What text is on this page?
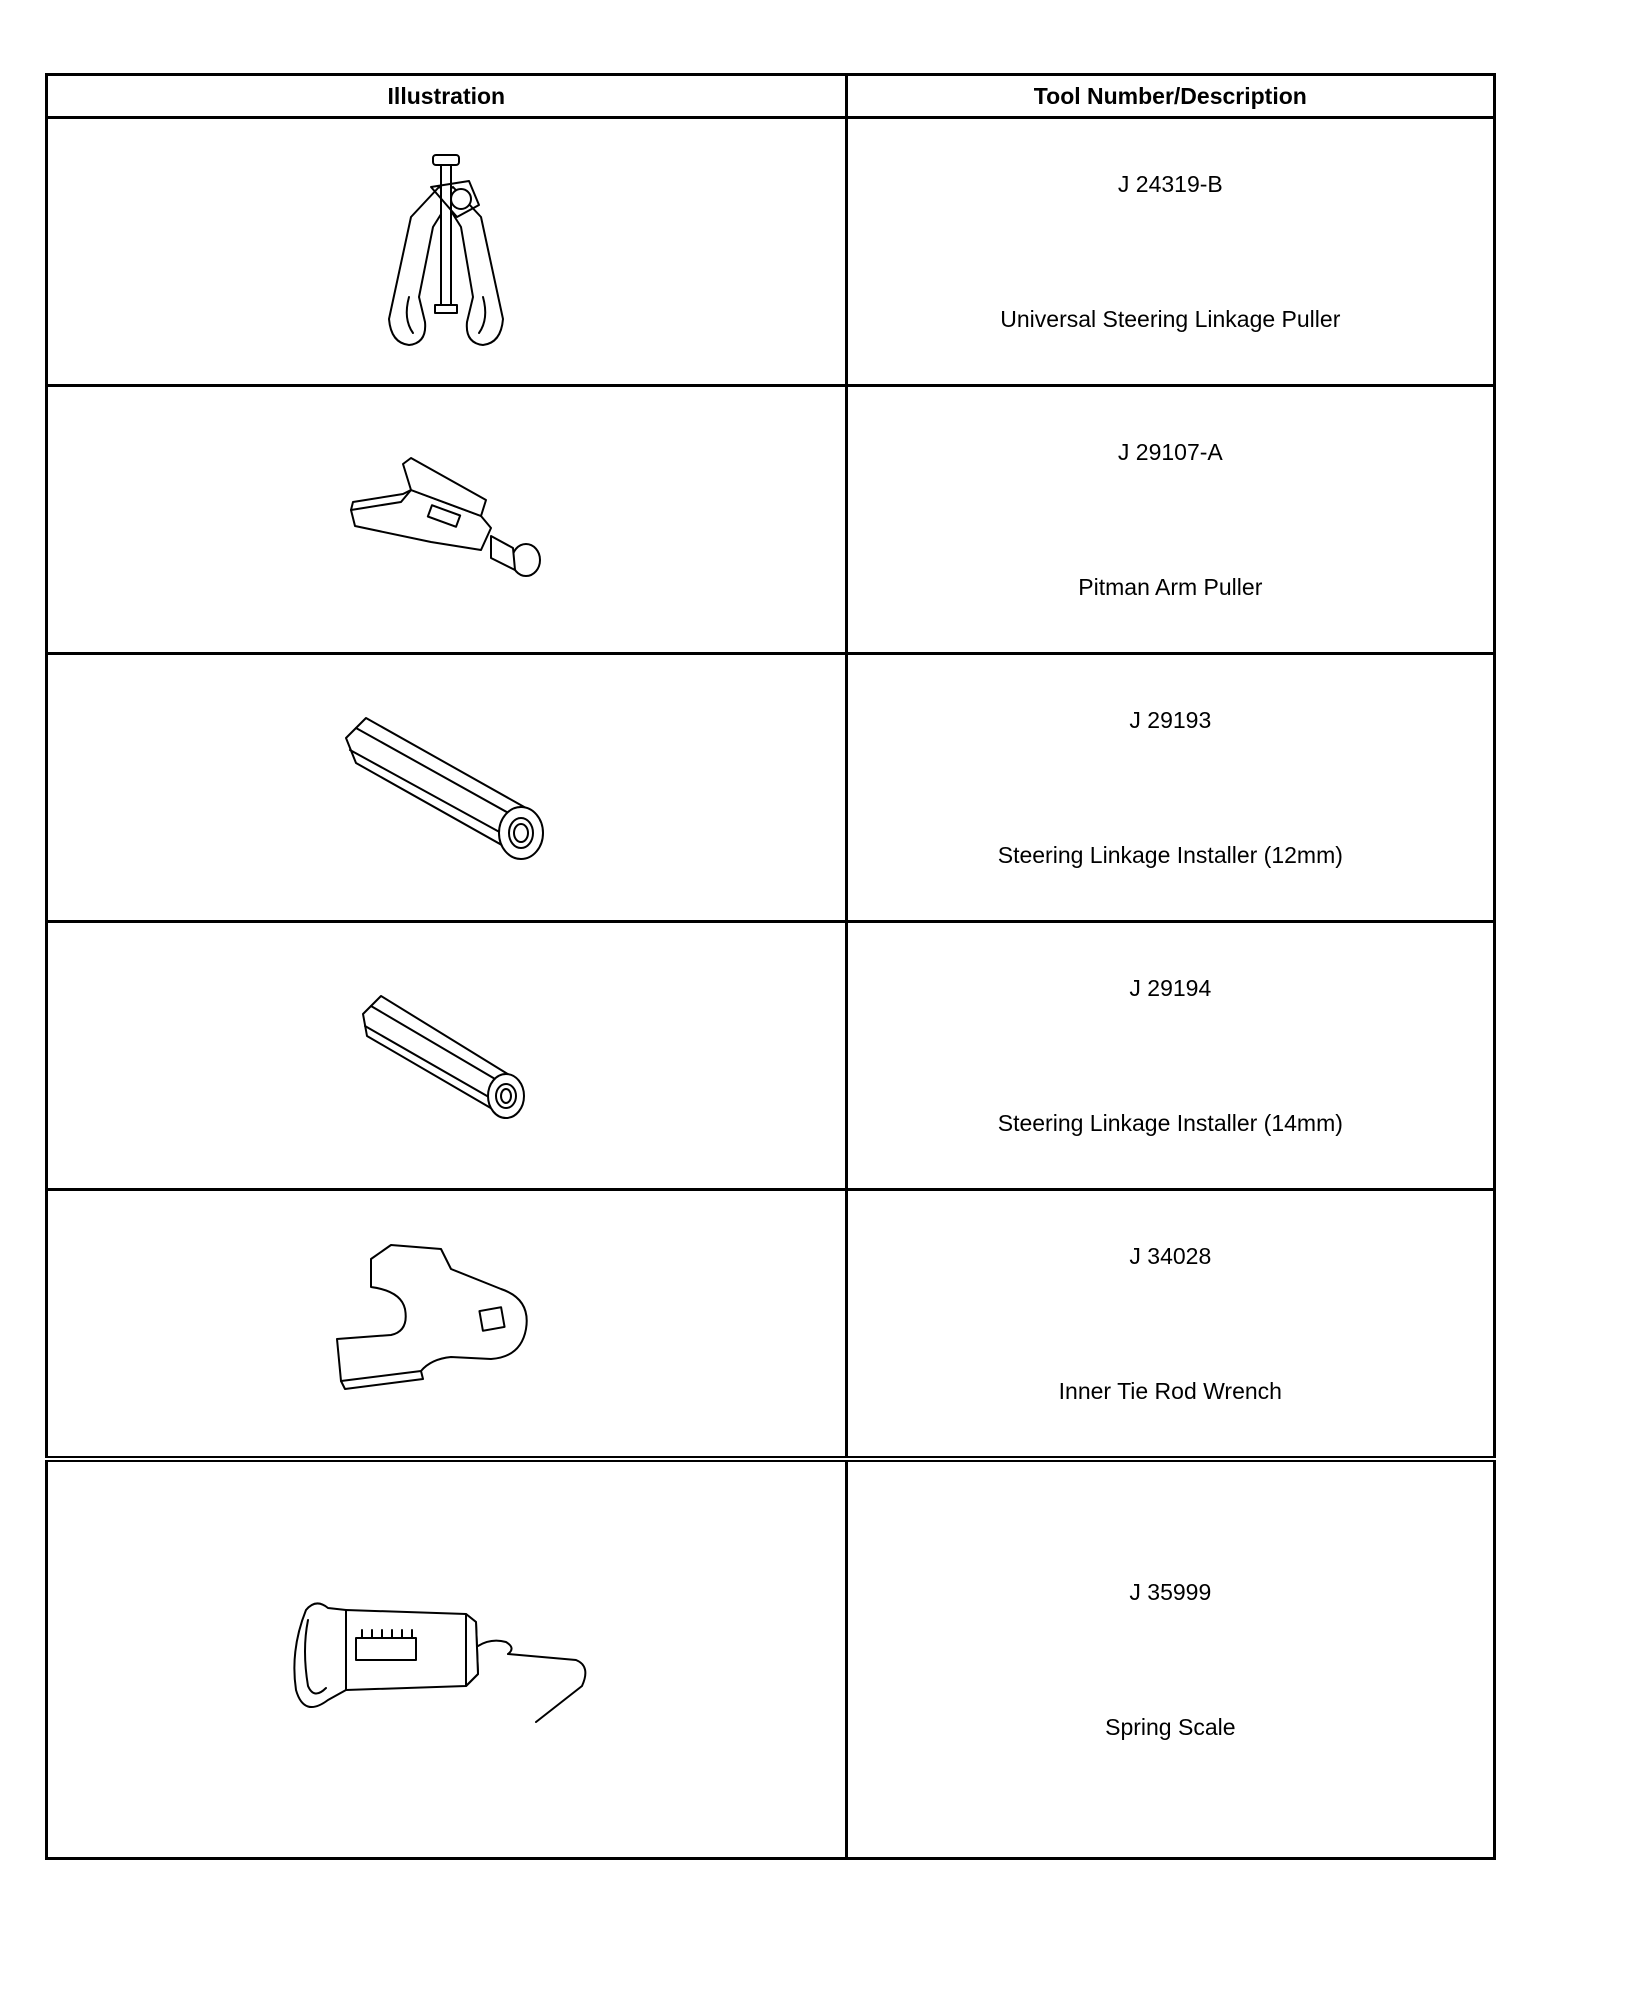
Illustration	Tool Number/Description

J 24319-B
Universal Steering Linkage Puller

J 29107-A
Pitman Arm Puller

J 29193
Steering Linkage Installer (12mm)

J 29194
Steering Linkage Installer (14mm)

J 34028
Inner Tie Rod Wrench

J 35999
Spring Scale
